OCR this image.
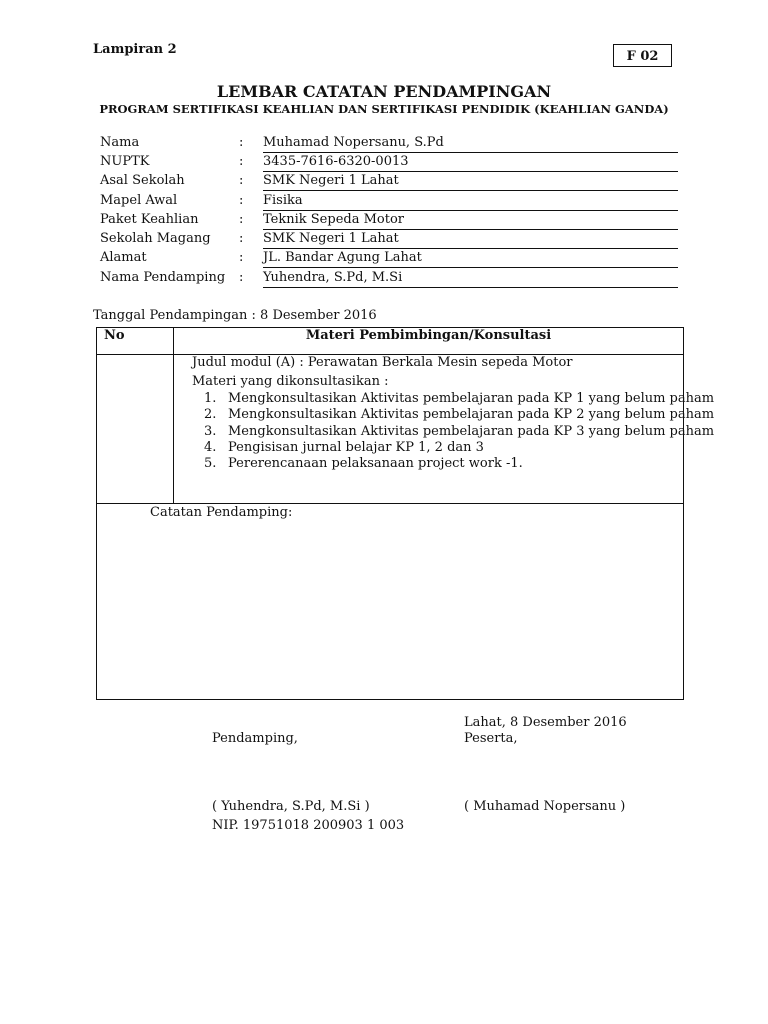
Lampiran 2	F 02
LEMBAR CATATAN PENDAMPINGAN
PROGRAM SERTIFIKASI KEAHLIAN DAN SERTIFIKASI PENDIDIK (KEAHLIAN GANDA)
Nama	: Muhamad Nopersanu, S.Pd
NUPTK	: 3435-7616-6320-0013
Asal Sekolah	: SMK Negeri 1 Lahat
Mapel Awal	: Fisika
Paket Keahlian	: Teknik Sepeda Motor
Sekolah Magang : SMK Negeri 1 Lahat
Alamat	: JL. Bandar Agung Lahat
Nama Pendamping : Yuhendra, S.Pd, M.Si
Tanggal Pendampingan : 8 Desember 2016
No	Materi Pembimbingan/Konsultasi
Judul modul (A) : Perawatan Berkala Mesin sepeda Motor
Materi yang dikonsultasikan :
1. Mengkonsultasikan Aktivitas pembelajaran pada KP 1 yang belum paham
2. Mengkonsultasikan Aktivitas pembelajaran pada KP 2 yang belum paham
3. Mengkonsultasikan Aktivitas pembelajaran pada KP 3 yang belum paham
4. Pengisisan jurnal belajar KP 1, 2 dan 3
5. Pererencanaan pelaksanaan project work -1.
Catatan Pendamping:
Lahat, 8 Desember 2016
Pendamping,	Peserta,
( Yuhendra, S.Pd, M.Si )	( Muhamad Nopersanu )
NIP. 19751018 200903 1 003
